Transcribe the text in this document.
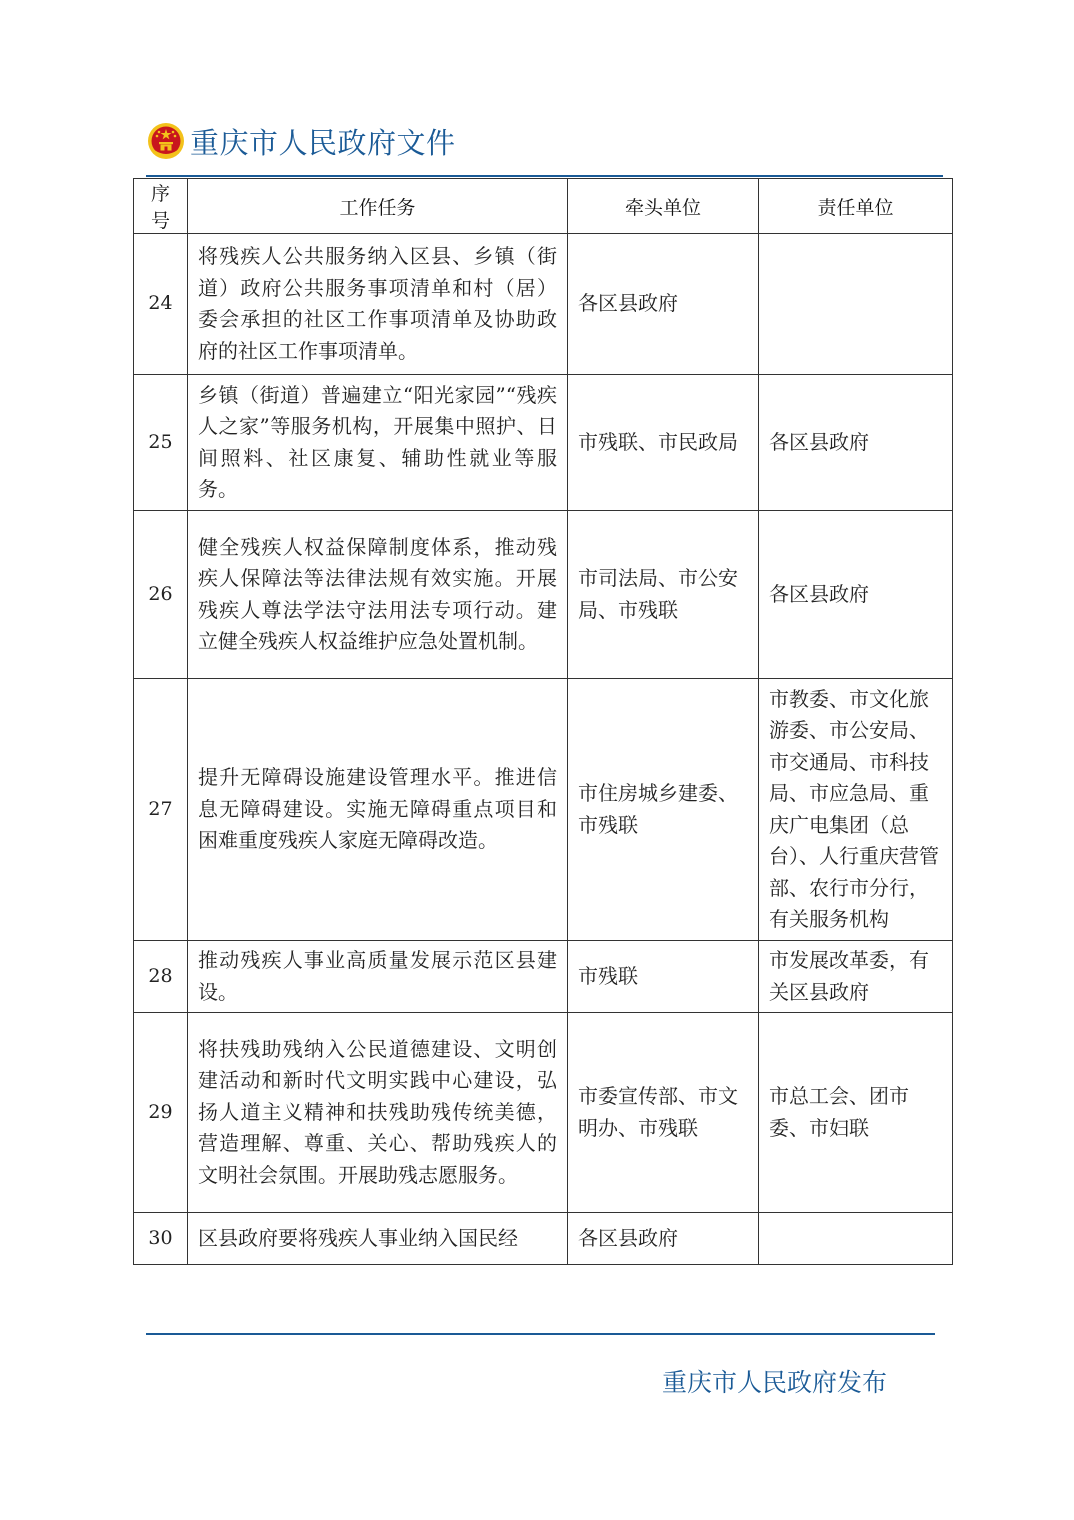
重庆市人民政府文件
序号	工作任务	牵头单位	责任单位
24	将残疾人公共服务纳入区县、乡镇（街道）政府公共服务事项清单和村（居）委会承担的社区工作事项清单及协助政府的社区工作事项清单。	各区县政府	
25	乡镇（街道）普遍建立“阳光家园”“残疾人之家”等服务机构，开展集中照护、日间照料、社区康复、辅助性就业等服务。	市残联、市民政局	各区县政府
26	健全残疾人权益保障制度体系，推动残疾人保障法等法律法规有效实施。开展残疾人尊法学法守法用法专项行动。建立健全残疾人权益维护应急处置机制。	市司法局、市公安局、市残联	各区县政府
27	提升无障碍设施建设管理水平。推进信息无障碍建设。实施无障碍重点项目和困难重度残疾人家庭无障碍改造。	市住房城乡建委、市残联	市教委、市文化旅游委、市公安局、市交通局、市科技局、市应急局、重庆广电集团（总台）、人行重庆营管部、农行市分行，有关服务机构
28	推动残疾人事业高质量发展示范区县建设。	市残联	市发展改革委，有关区县政府
29	将扶残助残纳入公民道德建设、文明创建活动和新时代文明实践中心建设，弘扬人道主义精神和扶残助残传统美德，营造理解、尊重、关心、帮助残疾人的文明社会氛围。开展助残志愿服务。	市委宣传部、市文明办、市残联	市总工会、团市委、市妇联
30	区县政府要将残疾人事业纳入国民经	各区县政府	
重庆市人民政府发布
